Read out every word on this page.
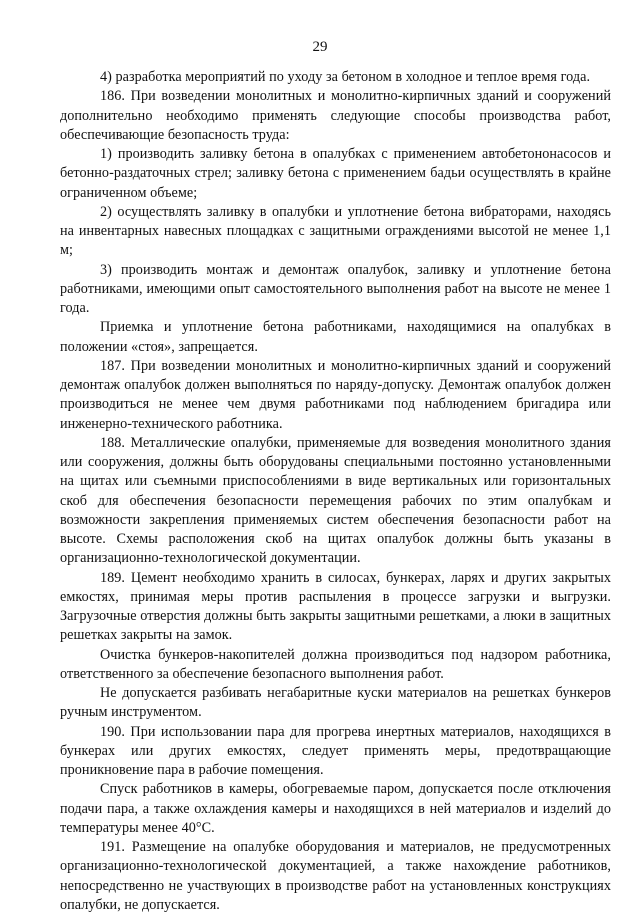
29

4) разработка мероприятий по уходу за бетоном в холодное и теплое время года.

186. При возведении монолитных и монолитно-кирпичных зданий и сооружений дополнительно необходимо применять следующие способы производства работ, обеспечивающие безопасность труда:

1) производить заливку бетона в опалубках с применением автобетононасосов и бетонно-раздаточных стрел; заливку бетона с применением бадьи осуществлять в крайне ограниченном объеме;

2) осуществлять заливку в опалубки и уплотнение бетона вибраторами, находясь на инвентарных навесных площадках с защитными ограждениями высотой не менее 1,1 м;

3) производить монтаж и демонтаж опалубок, заливку и уплотнение бетона работниками, имеющими опыт самостоятельного выполнения работ на высоте не менее 1 года.

Приемка и уплотнение бетона работниками, находящимися на опалубках в положении «стоя», запрещается.

187. При возведении монолитных и монолитно-кирпичных зданий и сооружений демонтаж опалубок должен выполняться по наряду-допуску. Демонтаж опалубок должен производиться не менее чем двумя работниками под наблюдением бригадира или инженерно-технического работника.

188. Металлические опалубки, применяемые для возведения монолитного здания или сооружения, должны быть оборудованы специальными постоянно установленными на щитах или съемными приспособлениями в виде вертикальных или горизонтальных скоб для обеспечения безопасности перемещения рабочих по этим опалубкам и возможности закрепления применяемых систем обеспечения безопасности работ на высоте. Схемы расположения скоб на щитах опалубок должны быть указаны в организационно-технологической документации.

189. Цемент необходимо хранить в силосах, бункерах, ларях и других закрытых емкостях, принимая меры против распыления в процессе загрузки и выгрузки. Загрузочные отверстия должны быть закрыты защитными решетками, а люки в защитных решетках закрыты на замок.

Очистка бункеров-накопителей должна производиться под надзором работника, ответственного за обеспечение безопасного выполнения работ.

Не допускается разбивать негабаритные куски материалов на решетках бункеров ручным инструментом.

190. При использовании пара для прогрева инертных материалов, находящихся в бункерах или других емкостях, следует применять меры, предотвращающие проникновение пара в рабочие помещения.

Спуск работников в камеры, обогреваемые паром, допускается после отключения подачи пара, а также охлаждения камеры и находящихся в ней материалов и изделий до температуры менее 40°C.

191. Размещение на опалубке оборудования и материалов, не предусмотренных организационно-технологической документацией, а также нахождение работников, непосредственно не участвующих в производстве работ на установленных конструкциях опалубки, не допускается.
